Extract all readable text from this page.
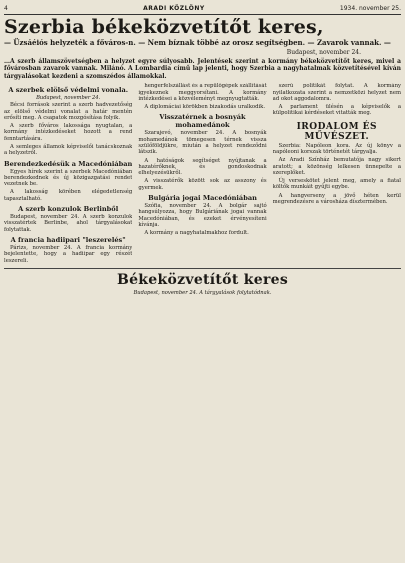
4	ARADI KÖZLÖNY	1934. november 25.
Szerbia békeközvetítőt keres,
— Üzsáéiós helyzeték a főváros-n. — Nem bíznak többé az orosz segítségben. — Zavarok vannak. —
Budapest, november 24.
…A szerb államszövetségben a helyzet egyre súlyosabb. Jelentések szerint a kormány békeközvetítőt keres, mivel a fővárosban zavarok vannak. Milánó. A Lombardia című lap jelenti, hogy Szerbia a nagyhatalmak közvetítésével kíván tárgyalásokat kezdeni a szomszédos államokkal.
A szerbek elölső védelmi vonala.
Budapest, november 24.

Bécsi források szerint a szerb hadvezetőség az elölső védelmi vonalat a határ mentén erősíti meg. A csapatok mozgósítása folyik.

A szerb főváros lakossága nyugtalan, a kormány intézkedéseket hozott a rend fenntartására.

A semleges államok képviselői tanácskoznak a helyzetről.

Berendezkedésük a Macedóniában

Egyes hírek szerint a szerbek Macedóniában berendezkednek és új közigazgatási rendet vezetnek be.

A lakosság körében elégedetlenség tapasztalható.

A szerb konzulok Berlinből

Budapest, november 24. A szerb konzulok visszatértek Berlinbe, ahol tárgyalásokat folytattak.

A francia hadiipari "leszerelés"

Párizs, november 24. A francia kormány bejelentette, hogy a hadiipar egy részét leszereli.

hengerfelszállást és a repülőgépek szállítását igyekeznek meggyorsítani. A kormány intézkedései a közvéleményt megnyugtatták.

A diplomáciai körökben bizakodás uralkodik.

Visszatérnek a bosnyák mohamedánok

Szarajevó, november 24. A bosnyák mohamedánok tömegesen térnek vissza szülőföldjükre, miután a helyzet rendeződni látszik.

A hatóságok segítséget nyújtanak a hazatérőknek, és gondoskodnak elhelyezésükről.

A visszatérők között sok az asszony és gyermek.

Bulgária jogai Macedóniában

Szófia, november 24. A bolgár sajtó hangsúlyozza, hogy Bulgáriának jogai vannak Macedóniában, és ezeket érvényesíteni kívánja.

A kormány a nagyhatalmakhoz fordult.

szerű politikát folytat. A kormány nyilatkozata szerint a nemzetközi helyzet nem ad okot aggodalomra.

A parlament ülésén a képviselők a külpolitikai kérdéseket vitatták meg.

IRODALOM ÉS MŰVÉSZET.

Szerbia: Napóleon kora. Az új könyv a napóleoni korszak történetét tárgyalja.

Az Aradi Színház bemutatója nagy sikert aratott; a közönség lelkesen ünnepelte a szereplőket.

Új verseskötet jelent meg, amely a fiatal költők munkáit gyűjti egybe.

A hangverseny a jövő héten kerül megrendezésre a városháza dísztermében.

Békeközvetítőt keres
Budapest, november 24. A tárgyalások folytatódnak.
